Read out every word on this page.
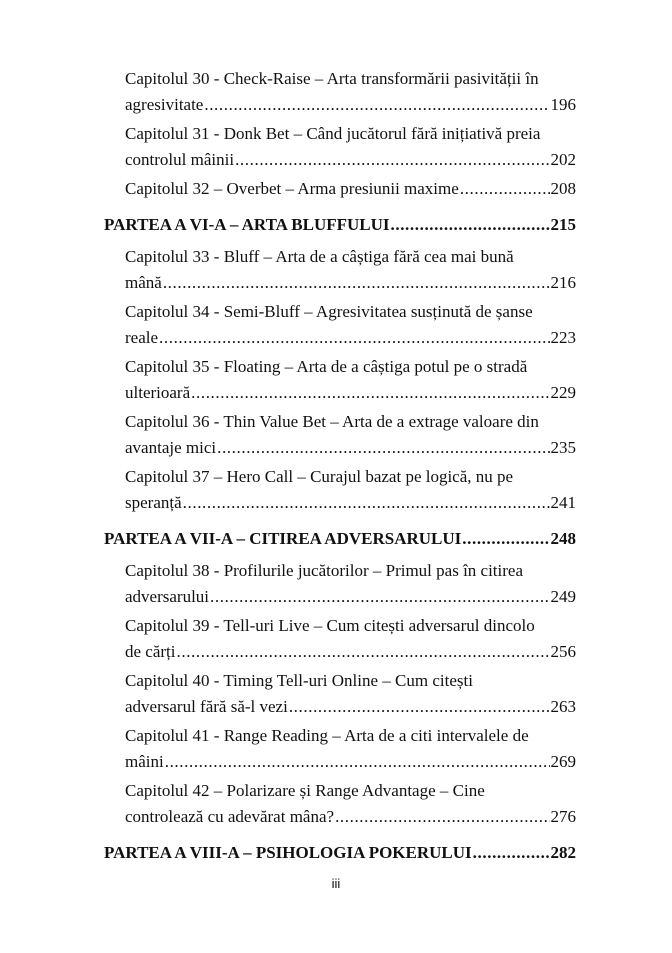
Capitolul 30 - Check-Raise – Arta transformării pasivității în
agresivitate .....	196
Capitolul 31 - Donk Bet – Când jucătorul fără inițiativă preia
controlul mâinii .....	202
Capitolul 32 – Overbet – Arma presiunii maxime .....	208
PARTEA A VI-A – ARTA BLUFFULUI .....	215
Capitolul 33 - Bluff – Arta de a câștiga fără cea mai bună
mână .....	216
Capitolul 34 - Semi-Bluff – Agresivitatea susținută de șanse
reale .....	223
Capitolul 35 - Floating – Arta de a câștiga potul pe o stradă
ulterioară .....	229
Capitolul 36 - Thin Value Bet – Arta de a extrage valoare din
avantaje mici .....	235
Capitolul 37 – Hero Call – Curajul bazat pe logică, nu pe
speranță .....	241
PARTEA A VII-A – CITIREA ADVERSARULUI .....	248
Capitolul 38 - Profilurile jucătorilor – Primul pas în citirea
adversarului .....	249
Capitolul 39 - Tell-uri Live – Cum citești adversarul dincolo
de cărți .....	256
Capitolul 40 - Timing Tell-uri Online – Cum citești
adversarul fără să-l vezi .....	263
Capitolul 41 - Range Reading – Arta de a citi intervalele de
mâini .....	269
Capitolul 42 – Polarizare și Range Advantage – Cine
controlează cu adevărat mâna? .....	276
PARTEA A VIII-A – PSIHOLOGIA POKERULUI .....	282
iii
